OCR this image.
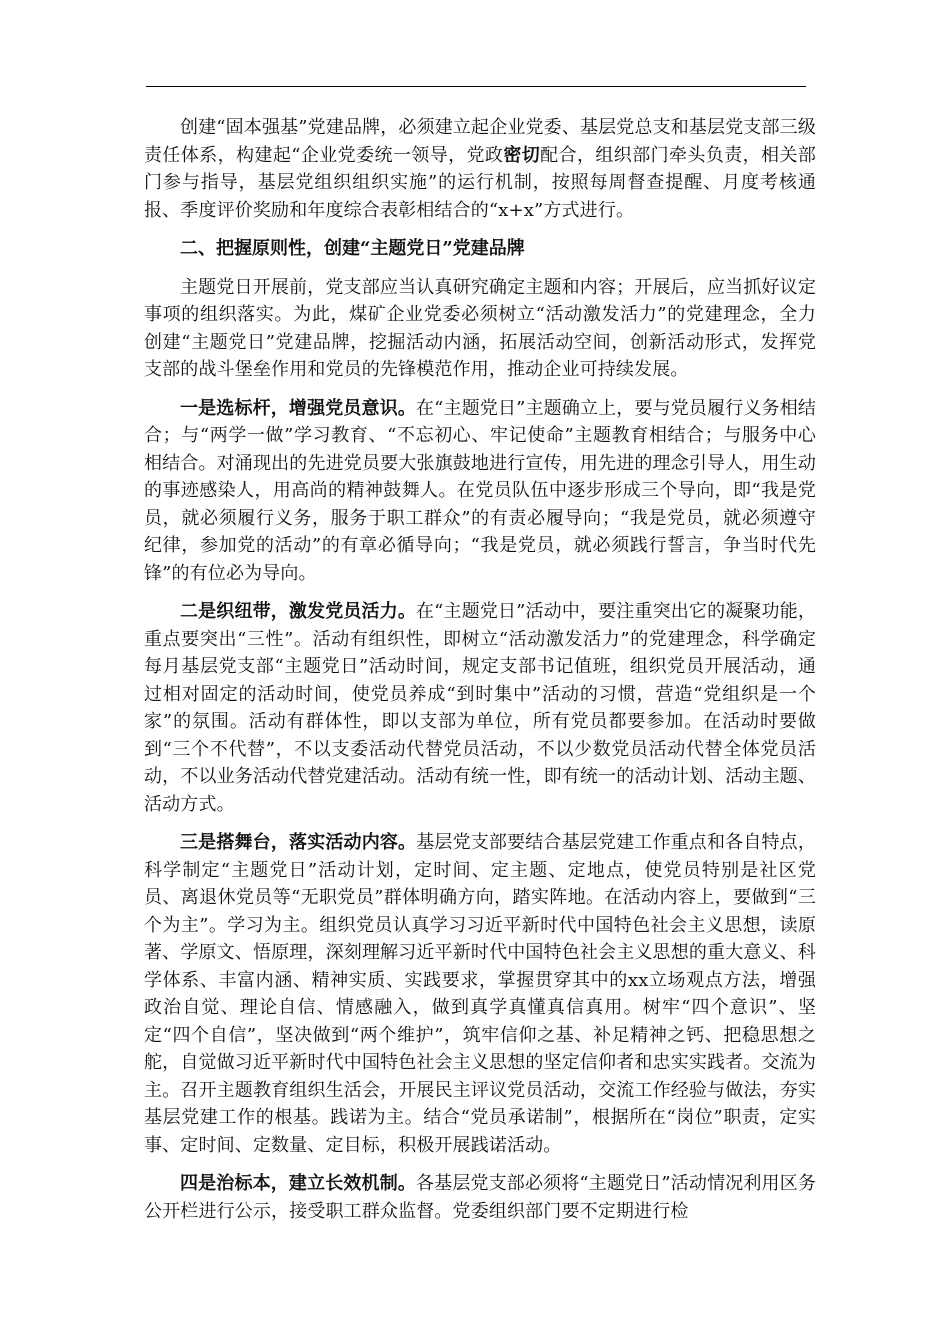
创建“固本强基”党建品牌，必须建立起企业党委、基层党总支和基层党支部三级责任体系，构建起“企业党委统一领导，党政密切配合，组织部门牵头负责，相关部门参与指导，基层党组织组织实施”的运行机制，按照每周督查提醒、月度考核通报、季度评价奖励和年度综合表彰相结合的“x+x”方式进行。

二、把握原则性，创建“主题党日”党建品牌

主题党日开展前，党支部应当认真研究确定主题和内容；开展后，应当抓好议定事项的组织落实。为此，煤矿企业党委必须树立“活动激发活力”的党建理念，全力创建“主题党日”党建品牌，挖掘活动内涵，拓展活动空间，创新活动形式，发挥党支部的战斗堡垒作用和党员的先锋模范作用，推动企业可持续发展。

一是选标杆，增强党员意识。在“主题党日”主题确立上，要与党员履行义务相结合；与“两学一做”学习教育、“不忘初心、牢记使命”主题教育相结合；与服务中心相结合。对涌现出的先进党员要大张旗鼓地进行宣传，用先进的理念引导人，用生动的事迹感染人，用高尚的精神鼓舞人。在党员队伍中逐步形成三个导向，即“我是党员，就必须履行义务，服务于职工群众”的有责必履导向；“我是党员，就必须遵守纪律，参加党的活动”的有章必循导向；“我是党员，就必须践行誓言，争当时代先锋”的有位必为导向。

二是织纽带，激发党员活力。在“主题党日”活动中，要注重突出它的凝聚功能，重点要突出“三性”。活动有组织性，即树立“活动激发活力”的党建理念，科学确定每月基层党支部“主题党日”活动时间，规定支部书记值班，组织党员开展活动，通过相对固定的活动时间，使党员养成“到时集中”活动的习惯，营造“党组织是一个家”的氛围。活动有群体性，即以支部为单位，所有党员都要参加。在活动时要做到“三个不代替”，不以支委活动代替党员活动，不以少数党员活动代替全体党员活动，不以业务活动代替党建活动。活动有统一性，即有统一的活动计划、活动主题、活动方式。

三是搭舞台，落实活动内容。基层党支部要结合基层党建工作重点和各自特点，科学制定“主题党日”活动计划，定时间、定主题、定地点，使党员特别是社区党员、离退休党员等“无职党员”群体明确方向，踏实阵地。在活动内容上，要做到“三个为主”。学习为主。组织党员认真学习习近平新时代中国特色社会主义思想，读原著、学原文、悟原理，深刻理解习近平新时代中国特色社会主义思想的重大意义、科学体系、丰富内涵、精神实质、实践要求，掌握贯穿其中的xx立场观点方法，增强政治自觉、理论自信、情感融入，做到真学真懂真信真用。树牢“四个意识”、坚定“四个自信”，坚决做到“两个维护”，筑牢信仰之基、补足精神之钙、把稳思想之舵，自觉做习近平新时代中国特色社会主义思想的坚定信仰者和忠实实践者。交流为主。召开主题教育组织生活会，开展民主评议党员活动，交流工作经验与做法，夯实基层党建工作的根基。践诺为主。结合“党员承诺制”，根据所在“岗位”职责，定实事、定时间、定数量、定目标，积极开展践诺活动。

四是治标本，建立长效机制。各基层党支部必须将“主题党日”活动情况利用区务公开栏进行公示，接受职工群众监督。党委组织部门要不定期进行检
